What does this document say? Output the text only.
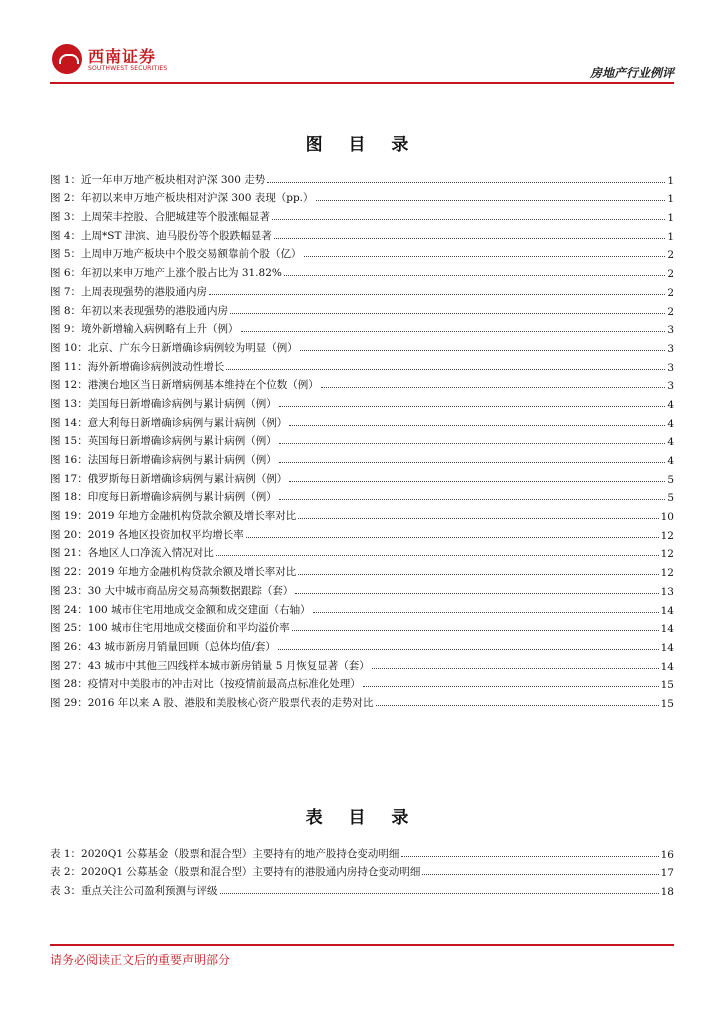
西南证券
SOUTHWEST SECURITIES	房地产行业例评
图 目 录
图 1：近一年申万地产板块相对沪深 300 走势	1
图 2：年初以来申万地产板块相对沪深 300 表现（pp.）	1
图 3：上周荣丰控股、合肥城建等个股涨幅显著	1
图 4：上周*ST 津滨、迪马股份等个股跌幅显著	1
图 5：上周申万地产板块中个股交易额靠前个股（亿）	2
图 6：年初以来申万地产上涨个股占比为 31.82%	2
图 7：上周表现强势的港股通内房	2
图 8：年初以来表现强势的港股通内房	2
图 9：境外新增输入病例略有上升（例）	3
图 10：北京、广东今日新增确诊病例较为明显（例）	3
图 11：海外新增确诊病例波动性增长	3
图 12：港澳台地区当日新增病例基本维持在个位数（例）	3
图 13：美国每日新增确诊病例与累计病例（例）	4
图 14：意大利每日新增确诊病例与累计病例（例）	4
图 15：英国每日新增确诊病例与累计病例（例）	4
图 16：法国每日新增确诊病例与累计病例（例）	4
图 17：俄罗斯每日新增确诊病例与累计病例（例）	5
图 18：印度每日新增确诊病例与累计病例（例）	5
图 19：2019 年地方金融机构贷款余额及增长率对比	10
图 20：2019 各地区投资加权平均增长率	12
图 21：各地区人口净流入情况对比	12
图 22：2019 年地方金融机构贷款余额及增长率对比	12
图 23：30 大中城市商品房交易高频数据跟踪（套）	13
图 24：100 城市住宅用地成交金额和成交建面（右轴）	14
图 25：100 城市住宅用地成交楼面价和平均溢价率	14
图 26：43 城市新房月销量回顾（总体均值/套）	14
图 27：43 城市中其他三四线样本城市新房销量 5 月恢复显著（套）	14
图 28：疫情对中美股市的冲击对比（按疫情前最高点标准化处理）	15
图 29：2016 年以来 A 股、港股和美股核心资产股票代表的走势对比	15
表 目 录
表 1：2020Q1 公募基金（股票和混合型）主要持有的地产股持仓变动明细	16
表 2：2020Q1 公募基金（股票和混合型）主要持有的港股通内房持仓变动明细	17
表 3：重点关注公司盈利预测与评级	18
请务必阅读正文后的重要声明部分
